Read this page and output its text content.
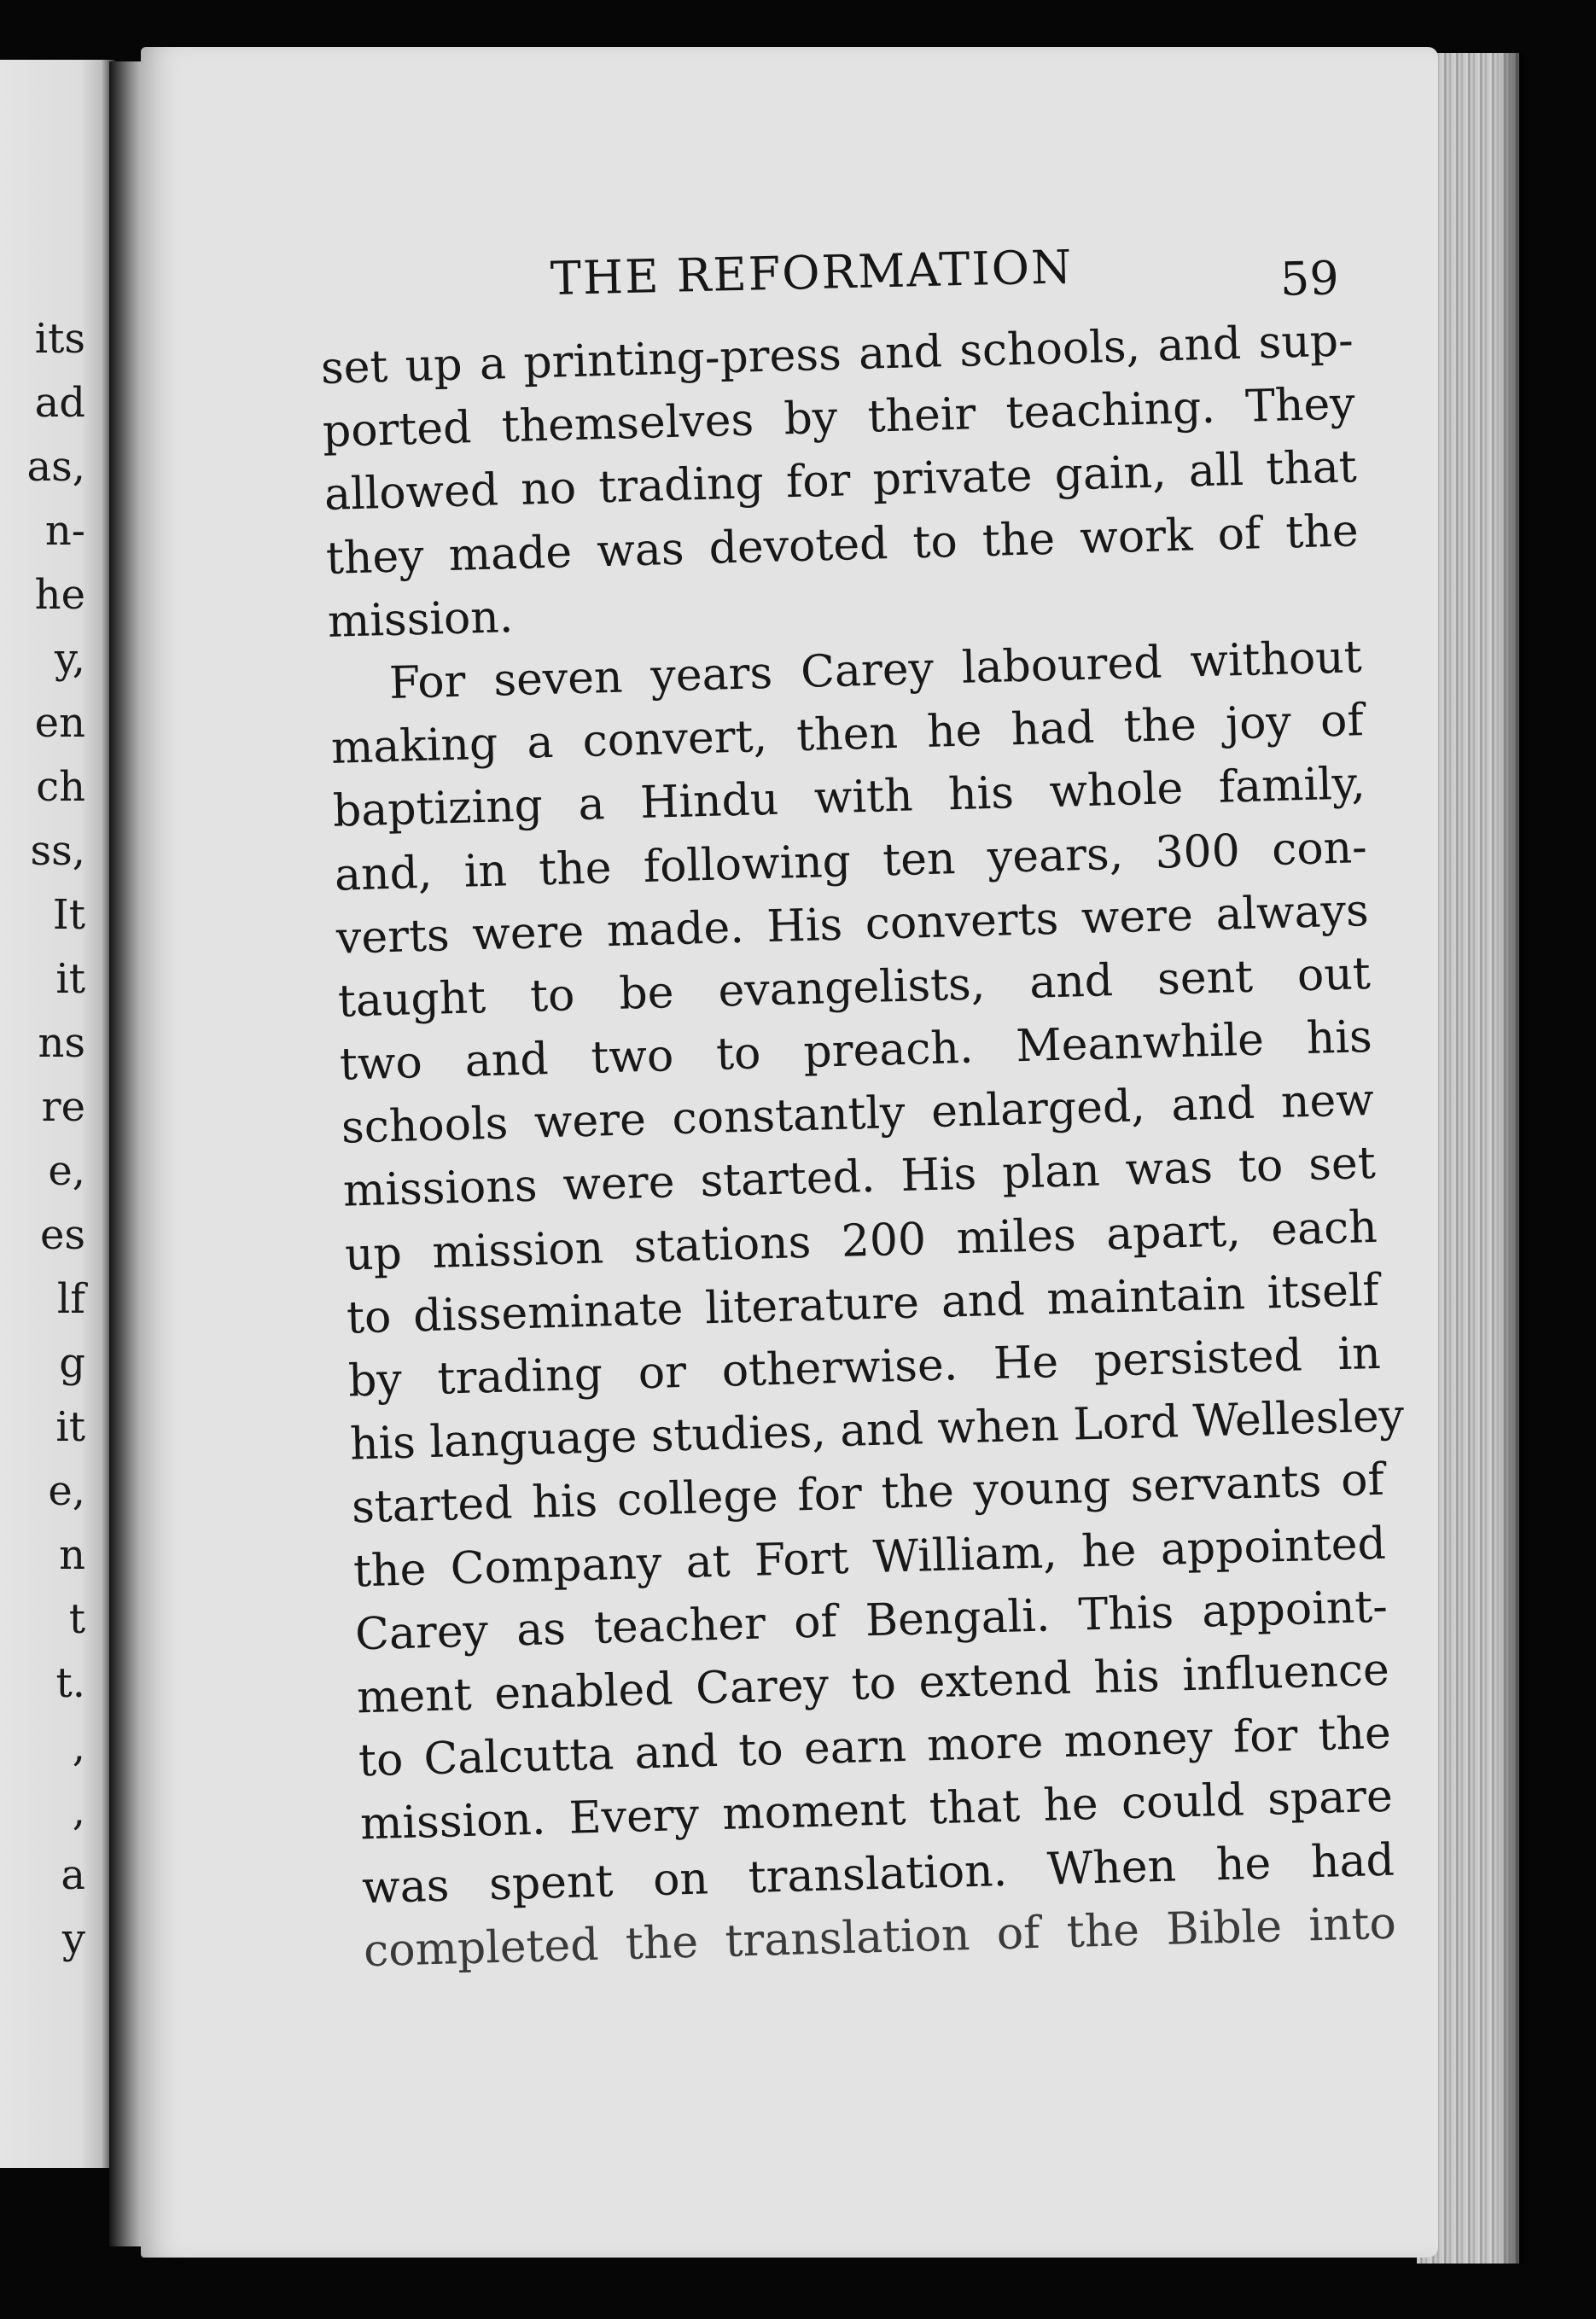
its
ad
as,
n-
he
y,
en
ch
ss,
It
it
ns
re
e,
es
lf
g
it
e,
n
t
t.
,
,
a
y
THE REFORMATION	59
set up a printing-press and schools, and sup-
ported themselves by their teaching. They
allowed no trading for private gain, all that
they made was devoted to the work of the
mission.
For seven years Carey laboured without
making a convert, then he had the joy of
baptizing a Hindu with his whole family,
and, in the following ten years, 300 con-
verts were made. His converts were always
taught to be evangelists, and sent out
two and two to preach. Meanwhile his
schools were constantly enlarged, and new
missions were started. His plan was to set
up mission stations 200 miles apart, each
to disseminate literature and maintain itself
by trading or otherwise. He persisted in
his language studies, and when Lord Wellesley
started his college for the young servants of
the Company at Fort William, he appointed
Carey as teacher of Bengali. This appoint-
ment enabled Carey to extend his influence
to Calcutta and to earn more money for the
mission. Every moment that he could spare
was spent on translation. When he had
completed the translation of the Bible into
